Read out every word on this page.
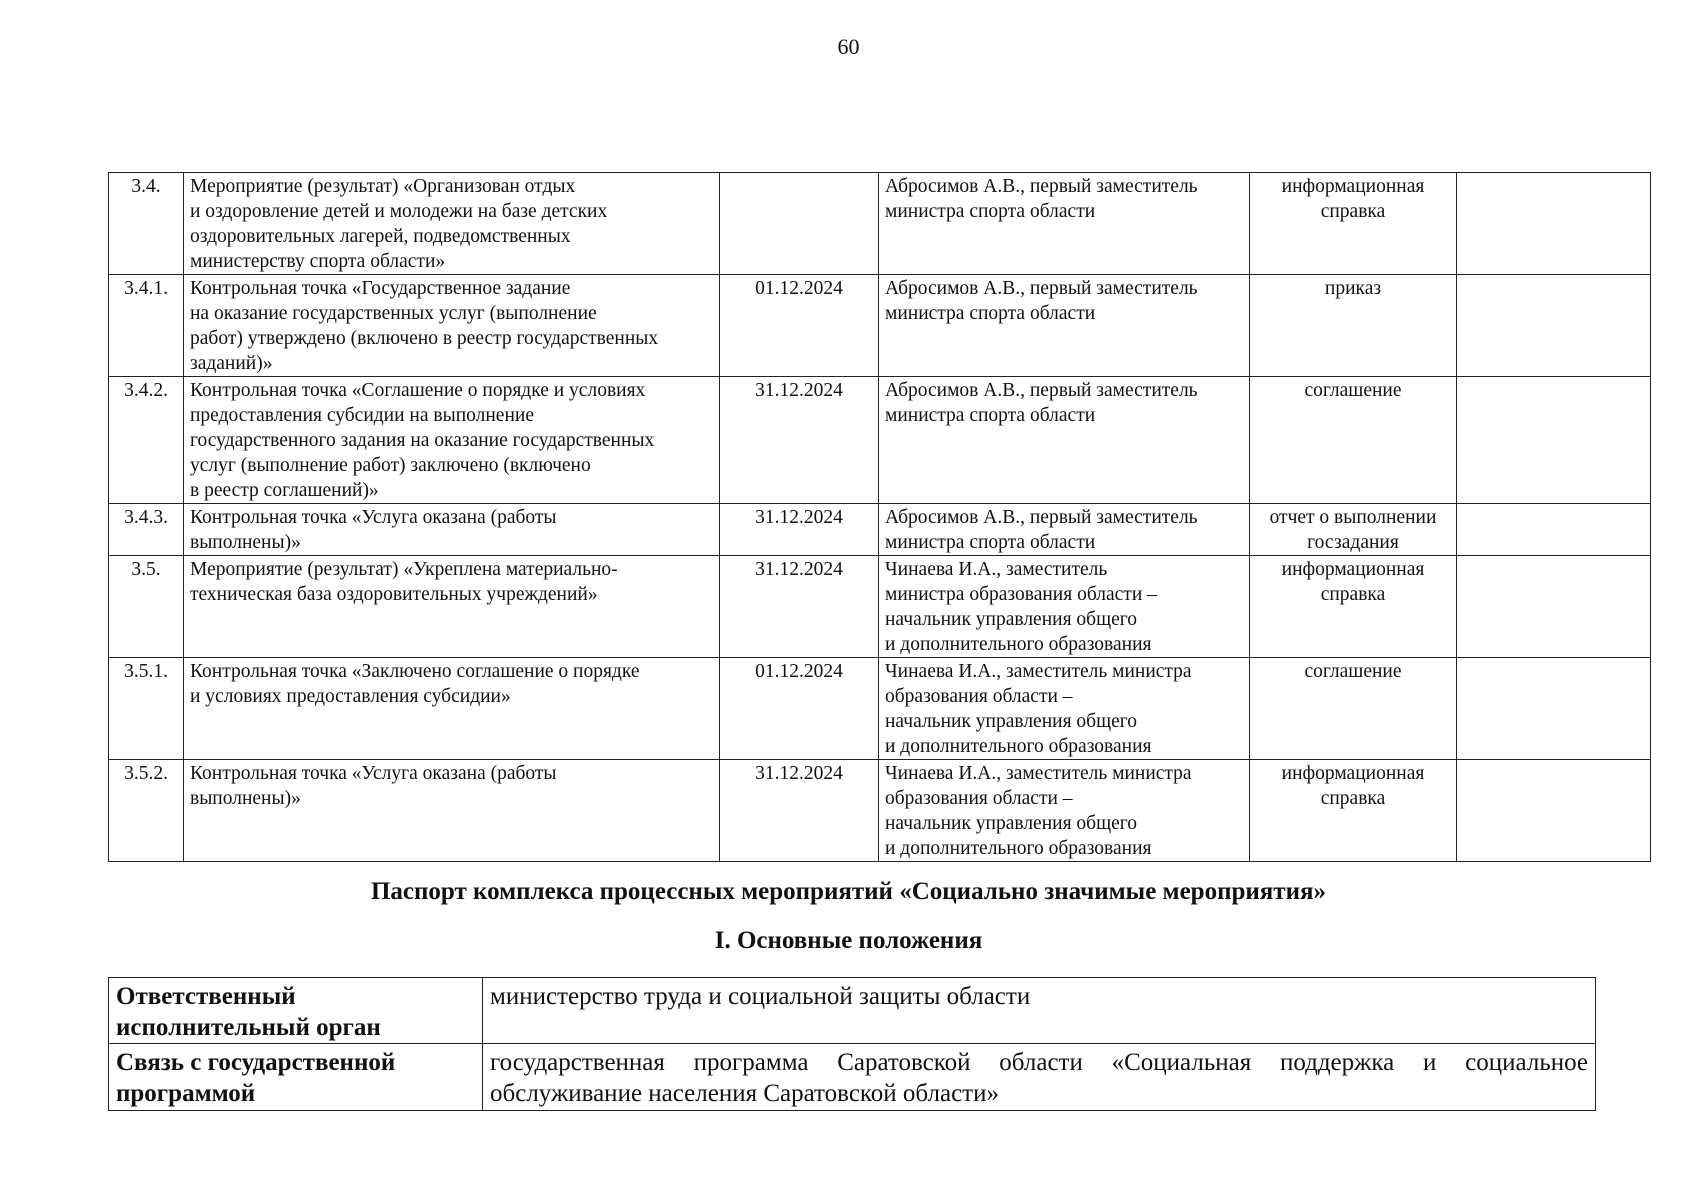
60
3.4.	Мероприятие (результат) «Организован отдых
и оздоровление детей и молодежи на базе детских
оздоровительных лагерей, подведомственных
министерству спорта области»		Абросимов А.В., первый заместитель
министра спорта области	информационная
справка	
3.4.1.	Контрольная точка «Государственное задание
на оказание государственных услуг (выполнение
работ) утверждено (включено в реестр государственных
заданий)»	01.12.2024	Абросимов А.В., первый заместитель
министра спорта области	приказ	
3.4.2.	Контрольная точка «Соглашение о порядке и условиях
предоставления субсидии на выполнение
государственного задания на оказание государственных
услуг (выполнение работ) заключено (включено
в реестр соглашений)»	31.12.2024	Абросимов А.В., первый заместитель
министра спорта области	соглашение	
3.4.3.	Контрольная точка «Услуга оказана (работы
выполнены)»	31.12.2024	Абросимов А.В., первый заместитель
министра спорта области	отчет о выполнении
госзадания	
3.5.	Мероприятие (результат) «Укреплена материально-
техническая база оздоровительных учреждений»	31.12.2024	Чинаева И.А., заместитель
министра образования области –
начальник управления общего
и дополнительного образования	информационная
справка	
3.5.1.	Контрольная точка «Заключено соглашение о порядке
и условиях предоставления субсидии»	01.12.2024	Чинаева И.А., заместитель министра
образования области –
начальник управления общего
и дополнительного образования	соглашение	
3.5.2.	Контрольная точка «Услуга оказана (работы
выполнены)»	31.12.2024	Чинаева И.А., заместитель министра
образования области –
начальник управления общего
и дополнительного образования	информационная
справка	
Паспорт комплекса процессных мероприятий «Социально значимые мероприятия»
I. Основные положения
Ответственный
исполнительный орган	министерство труда и социальной защиты области
Связь с государственной
программой	государственная программа Саратовской области «Социальная поддержка и социальное обслуживание населения Саратовской области»
